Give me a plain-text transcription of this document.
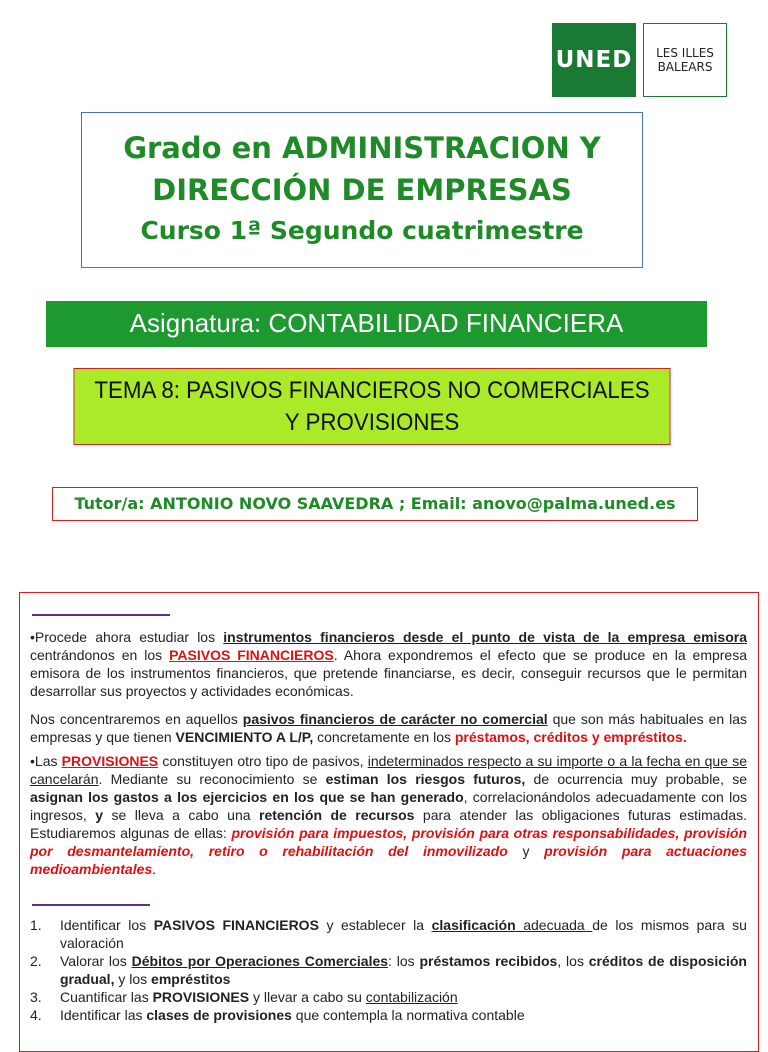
UNED LES ILLES
BALEARS
Grado en ADMINISTRACION Y
DIRECCIÓN DE EMPRESAS
Curso 1ª Segundo cuatrimestre
Asignatura: CONTABILIDAD FINANCIERA
TEMA 8: PASIVOS FINANCIEROS NO COMERCIALES
Y PROVISIONES
Tutor/a: ANTONIO NOVO SAAVEDRA ; Email: anovo@palma.uned.es

•Procede ahora estudiar los instrumentos financieros desde el punto de vista de la empresa emisora centrándonos en los PASIVOS FINANCIEROS. Ahora expondremos el efecto que se produce en la empresa emisora de los instrumentos financieros, que pretende financiarse, es decir, conseguir recursos que le permitan desarrollar sus proyectos y actividades económicas.

Nos concentraremos en aquellos pasivos financieros de carácter no comercial que son más habituales en las empresas y que tienen VENCIMIENTO A L/P, concretamente en los préstamos, créditos y empréstitos.

•Las PROVISIONES constituyen otro tipo de pasivos, indeterminados respecto a su importe o a la fecha en que se cancelarán. Mediante su reconocimiento se estiman los riesgos futuros, de ocurrencia muy probable, se asignan los gastos a los ejercicios en los que se han generado, correlacionándolos adecuadamente con los ingresos, y se lleva a cabo una retención de recursos para atender las obligaciones futuras estimadas. Estudiaremos algunas de ellas: provisión para impuestos, provisión para otras responsabilidades, provisión por desmantelamiento, retiro o rehabilitación del inmovilizado y provisión para actuaciones medioambientales.

1.	Identificar los PASIVOS FINANCIEROS y establecer la clasificación adecuada de los mismos para su valoración
2.	Valorar los Débitos por Operaciones Comerciales: los préstamos recibidos, los créditos de disposición gradual, y los empréstitos
3.	Cuantificar las PROVISIONES y llevar a cabo su contabilización
4.	Identificar las clases de provisiones que contempla la normativa contable
